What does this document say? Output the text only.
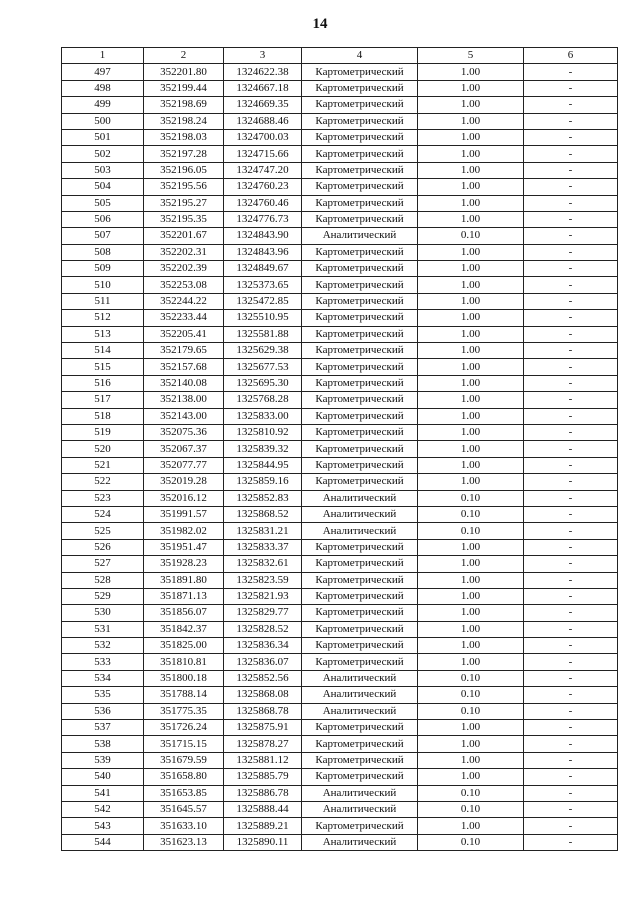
14
1	2	3	4	5	6
497	352201.80	1324622.38	Картометрический	1.00	-
498	352199.44	1324667.18	Картометрический	1.00	-
499	352198.69	1324669.35	Картометрический	1.00	-
500	352198.24	1324688.46	Картометрический	1.00	-
501	352198.03	1324700.03	Картометрический	1.00	-
502	352197.28	1324715.66	Картометрический	1.00	-
503	352196.05	1324747.20	Картометрический	1.00	-
504	352195.56	1324760.23	Картометрический	1.00	-
505	352195.27	1324760.46	Картометрический	1.00	-
506	352195.35	1324776.73	Картометрический	1.00	-
507	352201.67	1324843.90	Аналитический	0.10	-
508	352202.31	1324843.96	Картометрический	1.00	-
509	352202.39	1324849.67	Картометрический	1.00	-
510	352253.08	1325373.65	Картометрический	1.00	-
511	352244.22	1325472.85	Картометрический	1.00	-
512	352233.44	1325510.95	Картометрический	1.00	-
513	352205.41	1325581.88	Картометрический	1.00	-
514	352179.65	1325629.38	Картометрический	1.00	-
515	352157.68	1325677.53	Картометрический	1.00	-
516	352140.08	1325695.30	Картометрический	1.00	-
517	352138.00	1325768.28	Картометрический	1.00	-
518	352143.00	1325833.00	Картометрический	1.00	-
519	352075.36	1325810.92	Картометрический	1.00	-
520	352067.37	1325839.32	Картометрический	1.00	-
521	352077.77	1325844.95	Картометрический	1.00	-
522	352019.28	1325859.16	Картометрический	1.00	-
523	352016.12	1325852.83	Аналитический	0.10	-
524	351991.57	1325868.52	Аналитический	0.10	-
525	351982.02	1325831.21	Аналитический	0.10	-
526	351951.47	1325833.37	Картометрический	1.00	-
527	351928.23	1325832.61	Картометрический	1.00	-
528	351891.80	1325823.59	Картометрический	1.00	-
529	351871.13	1325821.93	Картометрический	1.00	-
530	351856.07	1325829.77	Картометрический	1.00	-
531	351842.37	1325828.52	Картометрический	1.00	-
532	351825.00	1325836.34	Картометрический	1.00	-
533	351810.81	1325836.07	Картометрический	1.00	-
534	351800.18	1325852.56	Аналитический	0.10	-
535	351788.14	1325868.08	Аналитический	0.10	-
536	351775.35	1325868.78	Аналитический	0.10	-
537	351726.24	1325875.91	Картометрический	1.00	-
538	351715.15	1325878.27	Картометрический	1.00	-
539	351679.59	1325881.12	Картометрический	1.00	-
540	351658.80	1325885.79	Картометрический	1.00	-
541	351653.85	1325886.78	Аналитический	0.10	-
542	351645.57	1325888.44	Аналитический	0.10	-
543	351633.10	1325889.21	Картометрический	1.00	-
544	351623.13	1325890.11	Аналитический	0.10	-
